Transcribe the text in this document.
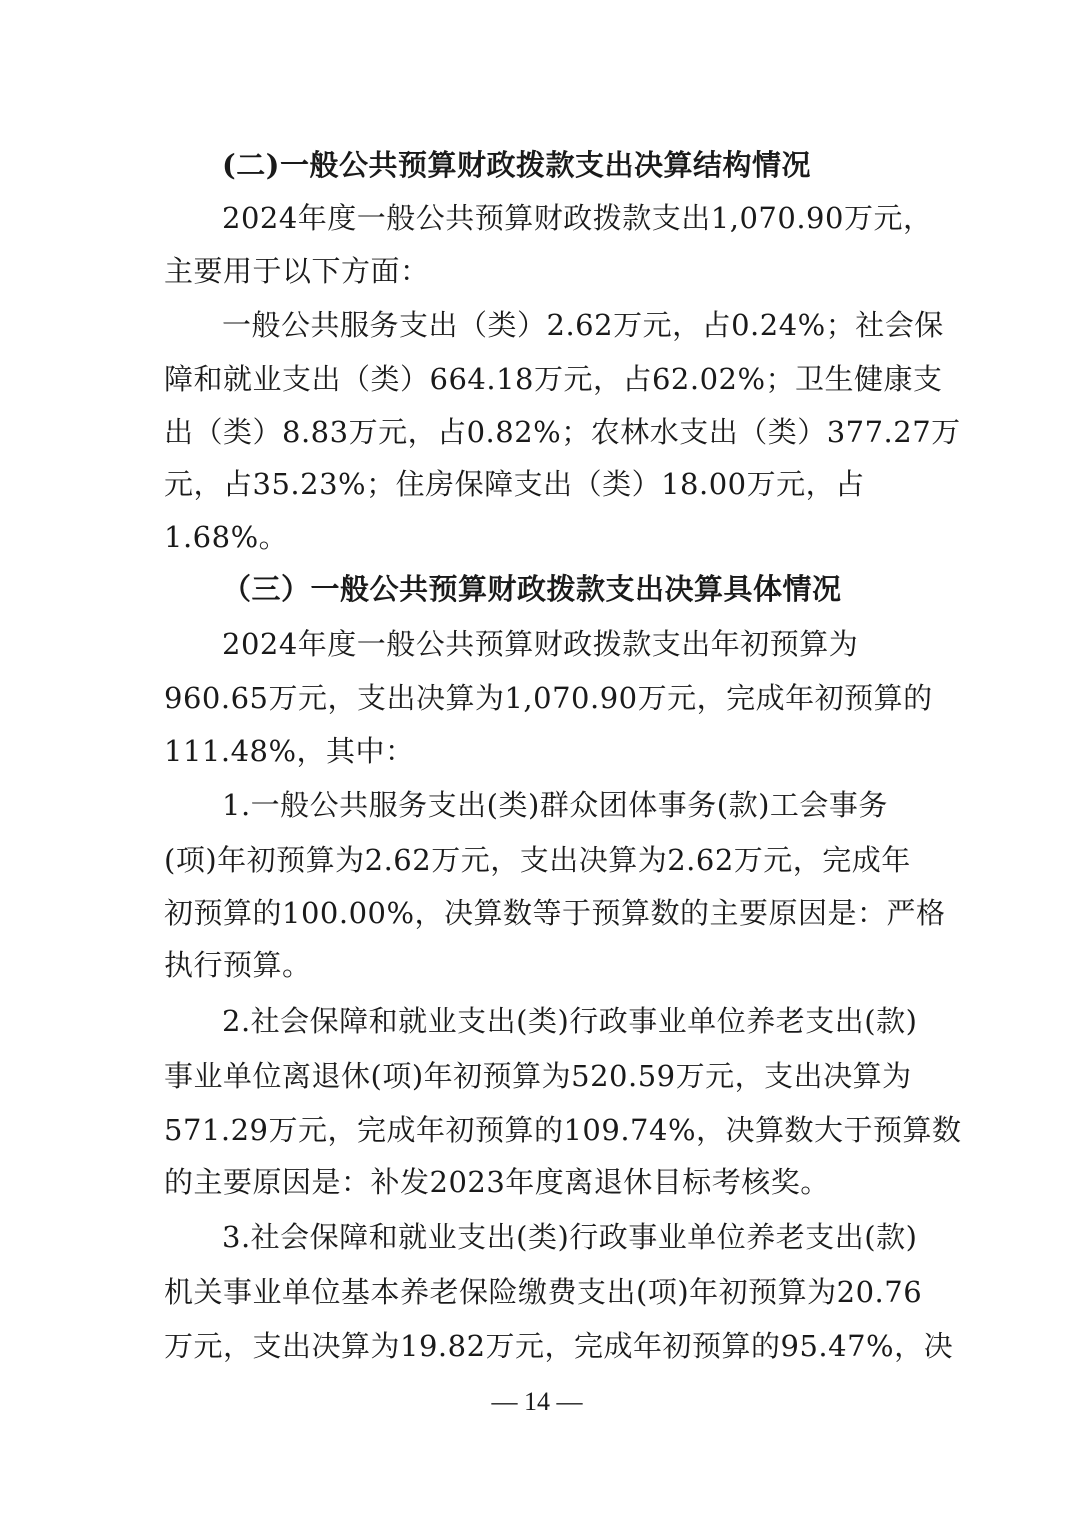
(二)一般公共预算财政拨款支出决算结构情况
2024年度一般公共预算财政拨款支出1,070.90万元，
主要用于以下方面：
一般公共服务支出（类）2.62万元，占0.24%；社会保
障和就业支出（类）664.18万元，占62.02%；卫生健康支
出（类）8.83万元，占0.82%；农林水支出（类）377.27万
元，占35.23%；住房保障支出（类）18.00万元，占
1.68%。
（三）一般公共预算财政拨款支出决算具体情况
2024年度一般公共预算财政拨款支出年初预算为
960.65万元，支出决算为1,070.90万元，完成年初预算的
111.48%，其中：
1.一般公共服务支出(类)群众团体事务(款)工会事务
(项)年初预算为2.62万元，支出决算为2.62万元，完成年
初预算的100.00%，决算数等于预算数的主要原因是：严格
执行预算。
2.社会保障和就业支出(类)行政事业单位养老支出(款)
事业单位离退休(项)年初预算为520.59万元，支出决算为
571.29万元，完成年初预算的109.74%，决算数大于预算数
的主要原因是：补发2023年度离退休目标考核奖。
3.社会保障和就业支出(类)行政事业单位养老支出(款)
机关事业单位基本养老保险缴费支出(项)年初预算为20.76
万元，支出决算为19.82万元，完成年初预算的95.47%，决
— 14 —
